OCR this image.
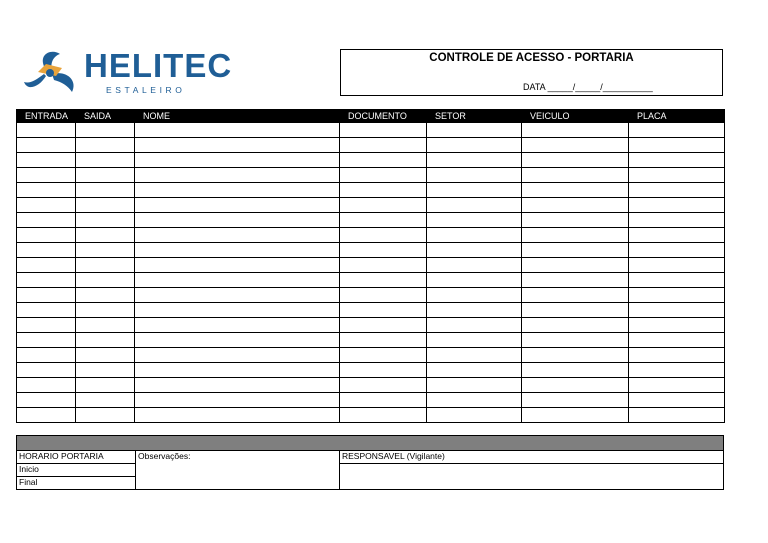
HELITEC
ESTALEIRO
CONTROLE DE ACESSO - PORTARIA
DATA _____/_____/__________
ENTRADA	SAIDA	NOME	DOCUMENTO	SETOR	VEICULO	PLACA

HORARIO PORTARIA
Inicio
Final
Observações:	RESPONSAVEL (Vigilante)
